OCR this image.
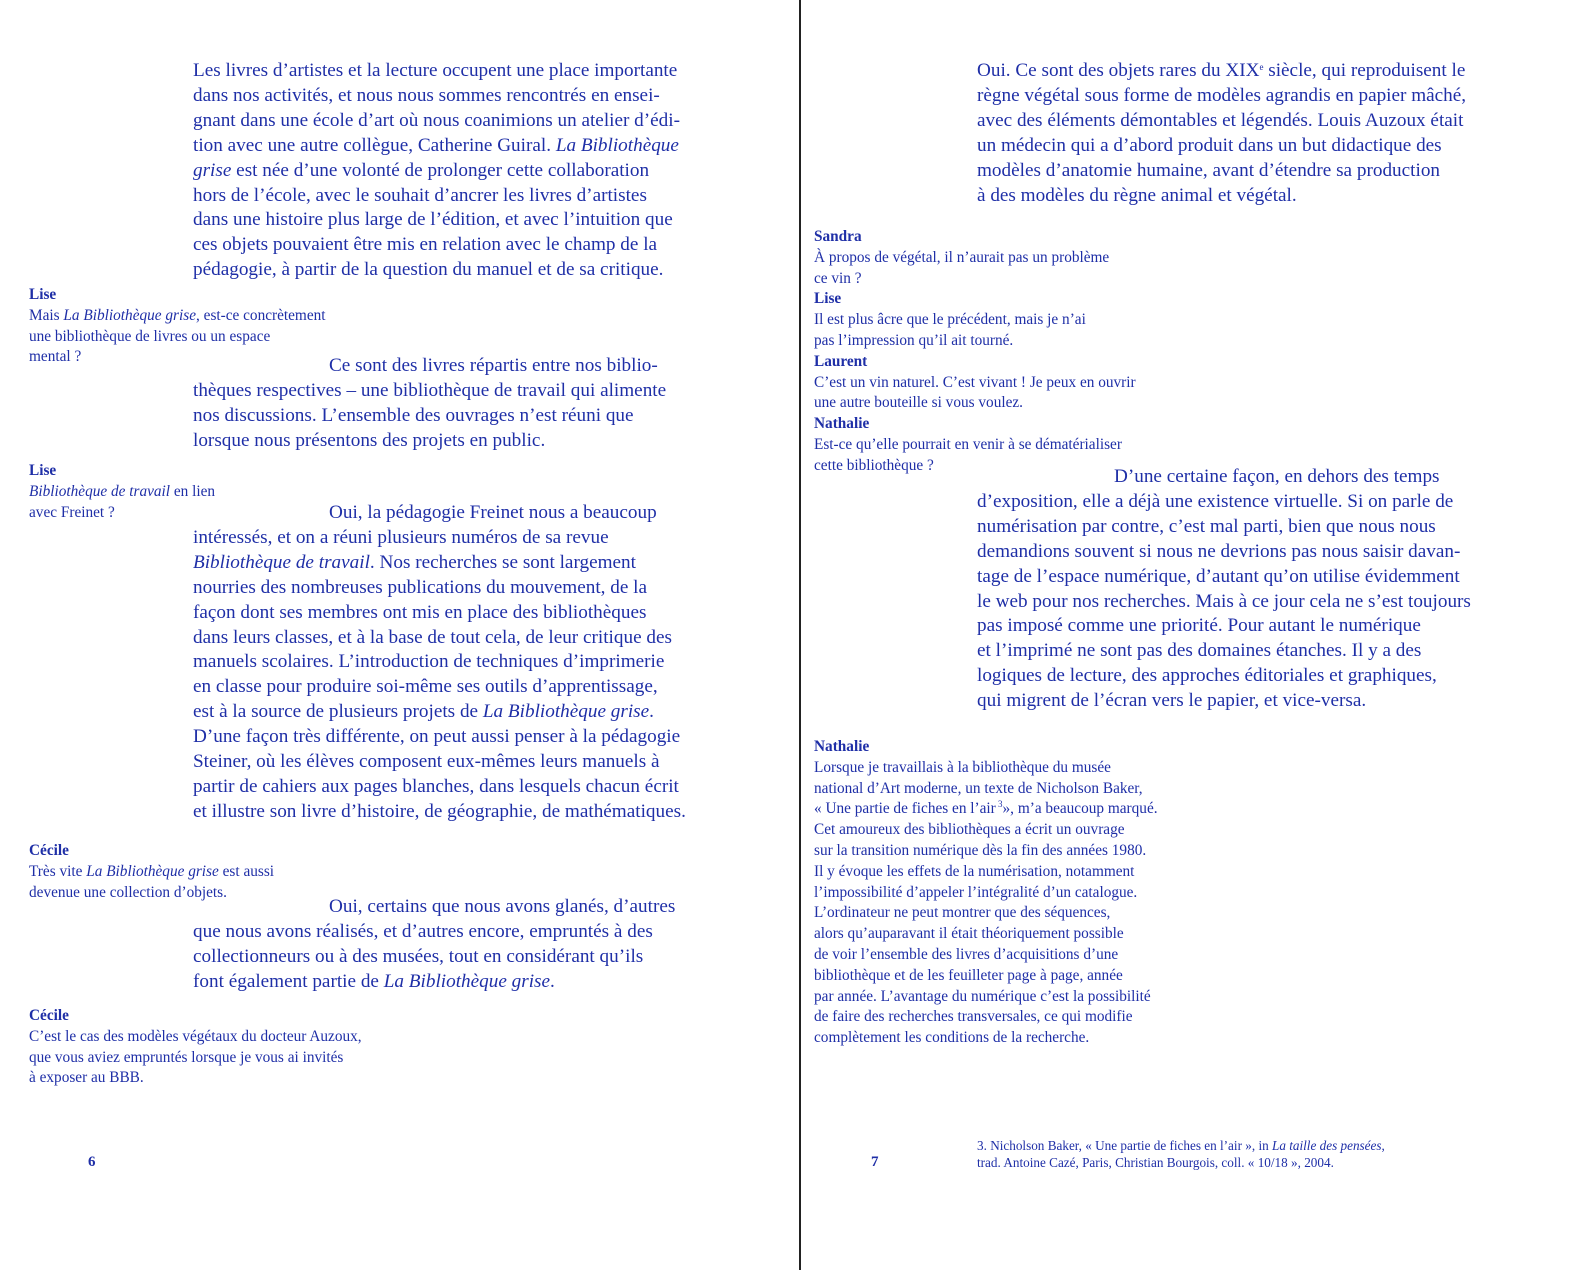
Les livres d’artistes et la lecture occupent une place importante
dans nos activités, et nous nous sommes rencontrés en ensei-
gnant dans une école d’art où nous coanimions un atelier d’édi-
tion avec une autre collègue, Catherine Guiral. La Bibliothèque
grise est née d’une volonté de prolonger cette collaboration
hors de l’école, avec le souhait d’ancrer les livres d’artistes
dans une histoire plus large de l’édition, et avec l’intuition que
ces objets pouvaient être mis en relation avec le champ de la
pédagogie, à partir de la question du manuel et de sa critique.
Lise
Mais La Bibliothèque grise, est-ce concrètement
une bibliothèque de livres ou un espace
mental ?	Ce sont des livres répartis entre nos biblio-
thèques respectives – une bibliothèque de travail qui alimente
nos discussions. L’ensemble des ouvrages n’est réuni que
lorsque nous présentons des projets en public.
Lise
Bibliothèque de travail en lien
avec Freinet ?	Oui, la pédagogie Freinet nous a beaucoup
intéressés, et on a réuni plusieurs numéros de sa revue
Bibliothèque de travail. Nos recherches se sont largement
nourries des nombreuses publications du mouvement, de la
façon dont ses membres ont mis en place des bibliothèques
dans leurs classes, et à la base de tout cela, de leur critique des
manuels scolaires. L’introduction de techniques d’imprimerie
en classe pour produire soi-même ses outils d’apprentissage,
est à la source de plusieurs projets de La Bibliothèque grise.
D’une façon très différente, on peut aussi penser à la pédagogie
Steiner, où les élèves composent eux-mêmes leurs manuels à
partir de cahiers aux pages blanches, dans lesquels chacun écrit
et illustre son livre d’histoire, de géographie, de mathématiques.
Cécile
Très vite La Bibliothèque grise est aussi
devenue une collection d’objets.
Oui, certains que nous avons glanés, d’autres
que nous avons réalisés, et d’autres encore, empruntés à des
collectionneurs ou à des musées, tout en considérant qu’ils
font également partie de La Bibliothèque grise.
Cécile
C’est le cas des modèles végétaux du docteur Auzoux,
que vous aviez empruntés lorsque je vous ai invités
à exposer au BBB.
6
Oui. Ce sont des objets rares du XIXe siècle, qui reproduisent le
règne végétal sous forme de modèles agrandis en papier mâché,
avec des éléments démontables et légendés. Louis Auzoux était
un médecin qui a d’abord produit dans un but didactique des
modèles d’anatomie humaine, avant d’étendre sa production
à des modèles du règne animal et végétal.
Sandra
À propos de végétal, il n’aurait pas un problème
ce vin ?
Lise
Il est plus âcre que le précédent, mais je n’ai
pas l’impression qu’il ait tourné.
Laurent
C’est un vin naturel. C’est vivant ! Je peux en ouvrir
une autre bouteille si vous voulez.
Nathalie
Est-ce qu’elle pourrait en venir à se dématérialiser
cette bibliothèque ?
D’une certaine façon, en dehors des temps
d’exposition, elle a déjà une existence virtuelle. Si on parle de
numérisation par contre, c’est mal parti, bien que nous nous
demandions souvent si nous ne devrions pas nous saisir davan-
tage de l’espace numérique, d’autant qu’on utilise évidemment
le web pour nos recherches. Mais à ce jour cela ne s’est toujours
pas imposé comme une priorité. Pour autant le numérique
et l’imprimé ne sont pas des domaines étanches. Il y a des
logiques de lecture, des approches éditoriales et graphiques,
qui migrent de l’écran vers le papier, et vice-versa.
Nathalie
Lorsque je travaillais à la bibliothèque du musée
national d’Art moderne, un texte de Nicholson Baker,
« Une partie de fiches en l’air $^3$», m’a beaucoup marqué.
Cet amoureux des bibliothèques a écrit un ouvrage
sur la transition numérique dès la fin des années 1980.
Il y évoque les effets de la numérisation, notamment
l’impossibilité d’appeler l’intégralité d’un catalogue.
L’ordinateur ne peut montrer que des séquences,
alors qu’auparavant il était théoriquement possible
de voir l’ensemble des livres d’acquisitions d’une
bibliothèque et de les feuilleter page à page, année
par année. L’avantage du numérique c’est la possibilité
de faire des recherches transversales, ce qui modifie
complètement les conditions de la recherche.
3. Nicholson Baker, « Une partie de fiches en l’air », in La taille des pensées,
trad. Antoine Cazé, Paris, Christian Bourgois, coll. « 10/18 », 2004.
7
